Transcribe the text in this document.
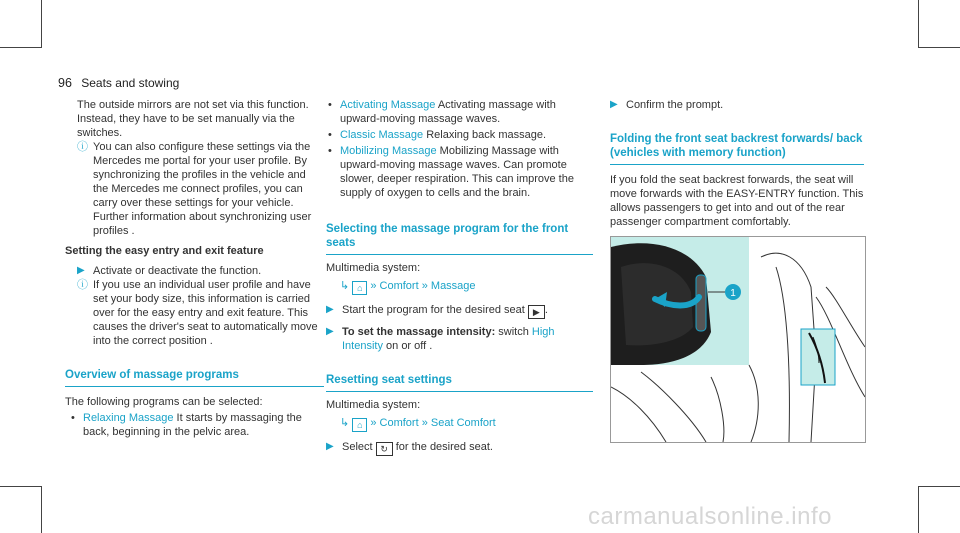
96 Seats and stowing

The outside mirrors are not set via this function. Instead, they have to be set manually via the switches.

ⓘ You can also configure these settings via the Mercedes me portal for your user profile. By synchronizing the profiles in the vehicle and the Mercedes me connect profiles, you can carry over these settings for your vehicle. Further information about synchronizing user profiles .

Setting the easy entry and exit feature

▶ Activate or deactivate the function.

ⓘ If you use an individual user profile and have set your body size, this information is carried over for the easy entry and exit feature. This causes the driver's seat to automatically move into the correct position .

Overview of massage programs

The following programs can be selected:

• Relaxing Massage It starts by massaging the back, beginning in the pelvic area.
• Activating Massage Activating massage with upward-moving massage waves.
• Classic Massage Relaxing back massage.
• Mobilizing Massage Mobilizing Massage with upward-moving massage waves. Can promote slower, deeper respiration. This can improve the supply of oxygen to cells and the brain.
Selecting the massage program for the front seats

Multimedia system:

↳ ⌂ » Comfort » Massage
▶ Start the program for the desired seat ▶ .

▶ To set the massage intensity: switch High Intensity on or off .

Resetting seat settings

Multimedia system:

↳ ⌂ » Comfort » Seat Comfort
▶ Select ↻ for the desired seat.

▶ Confirm the prompt.

Folding the front seat backrest forwards/ back (vehicles with memory function)

If you fold the seat backrest forwards, the seat will move forwards with the EASY-ENTRY function. This allows passengers to get into and out of the rear passenger compartment comfortably.

1
carmanualsonline.info
